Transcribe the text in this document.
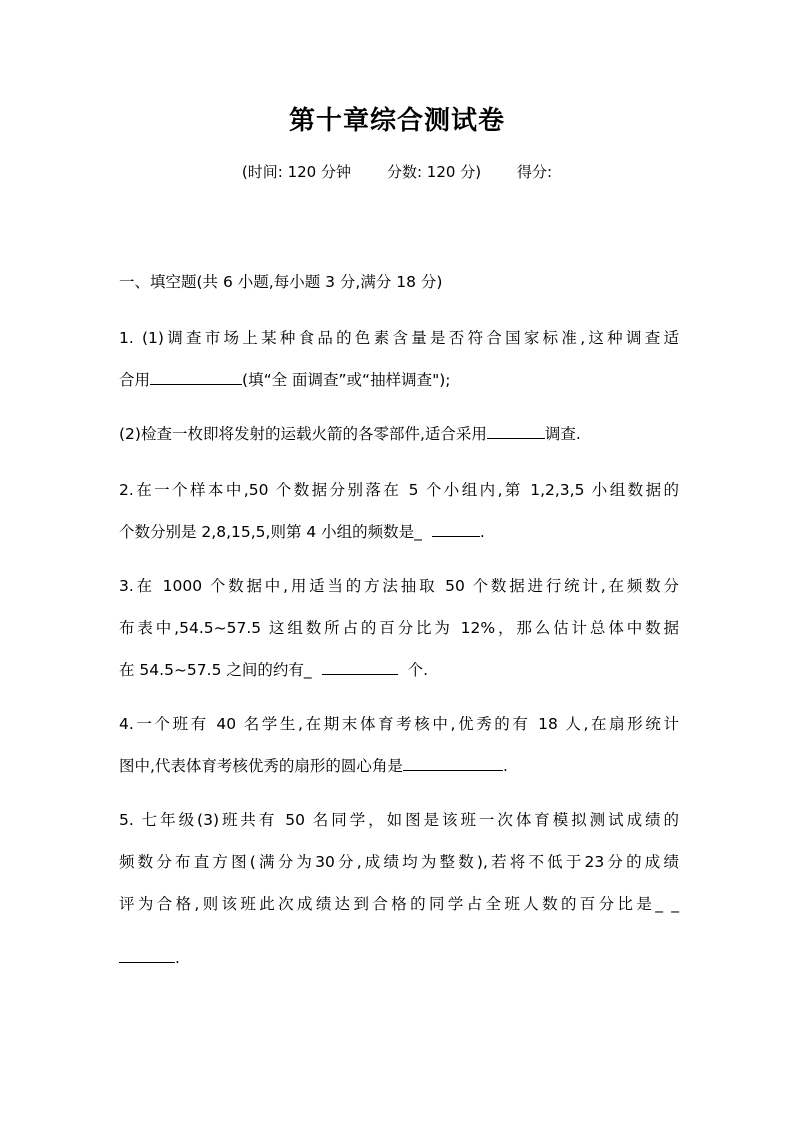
第十章综合测试卷
(时间: 120 分钟 分数: 120 分) 得分:
一、填空题(共 6 小题,每小题 3 分,满分 18 分)
1. (1)调查市场上某种食品的色素含量是否符合国家标准,这种调查适
合用	(填“全 面调查”或“抽样调查");
(2)检查一枚即将发射的运载火箭的各零部件,适合采用	调查.
2.在一个样本中,50 个数据分别落在 5 个小组内,第 1,2,3,5 小组数据的
个数分别是 2,8,15,5,则第 4 小组的频数是_	.
3.在 1000 个数据中,用适当的方法抽取 50 个数据进行统计,在频数分
布表中,54.5~57.5 这组数所占的百分比为 12%，那么估计总体中数据
在 54.5~57.5 之间的约有_	个.
4.一个班有 40 名学生,在期末体育考核中,优秀的有 18 人,在扇形统计
图中,代表体育考核优秀的扇形的圆心角是	.
5. 七年级(3)班共有 50 名同学，如图是该班一次体育模拟测试成绩的
频数分布直方图(满分为30分,成绩均为整数),若将不低于23分的成绩
评为合格,则该班此次成绩达到合格的同学占全班人数的百分比是_ _
.
